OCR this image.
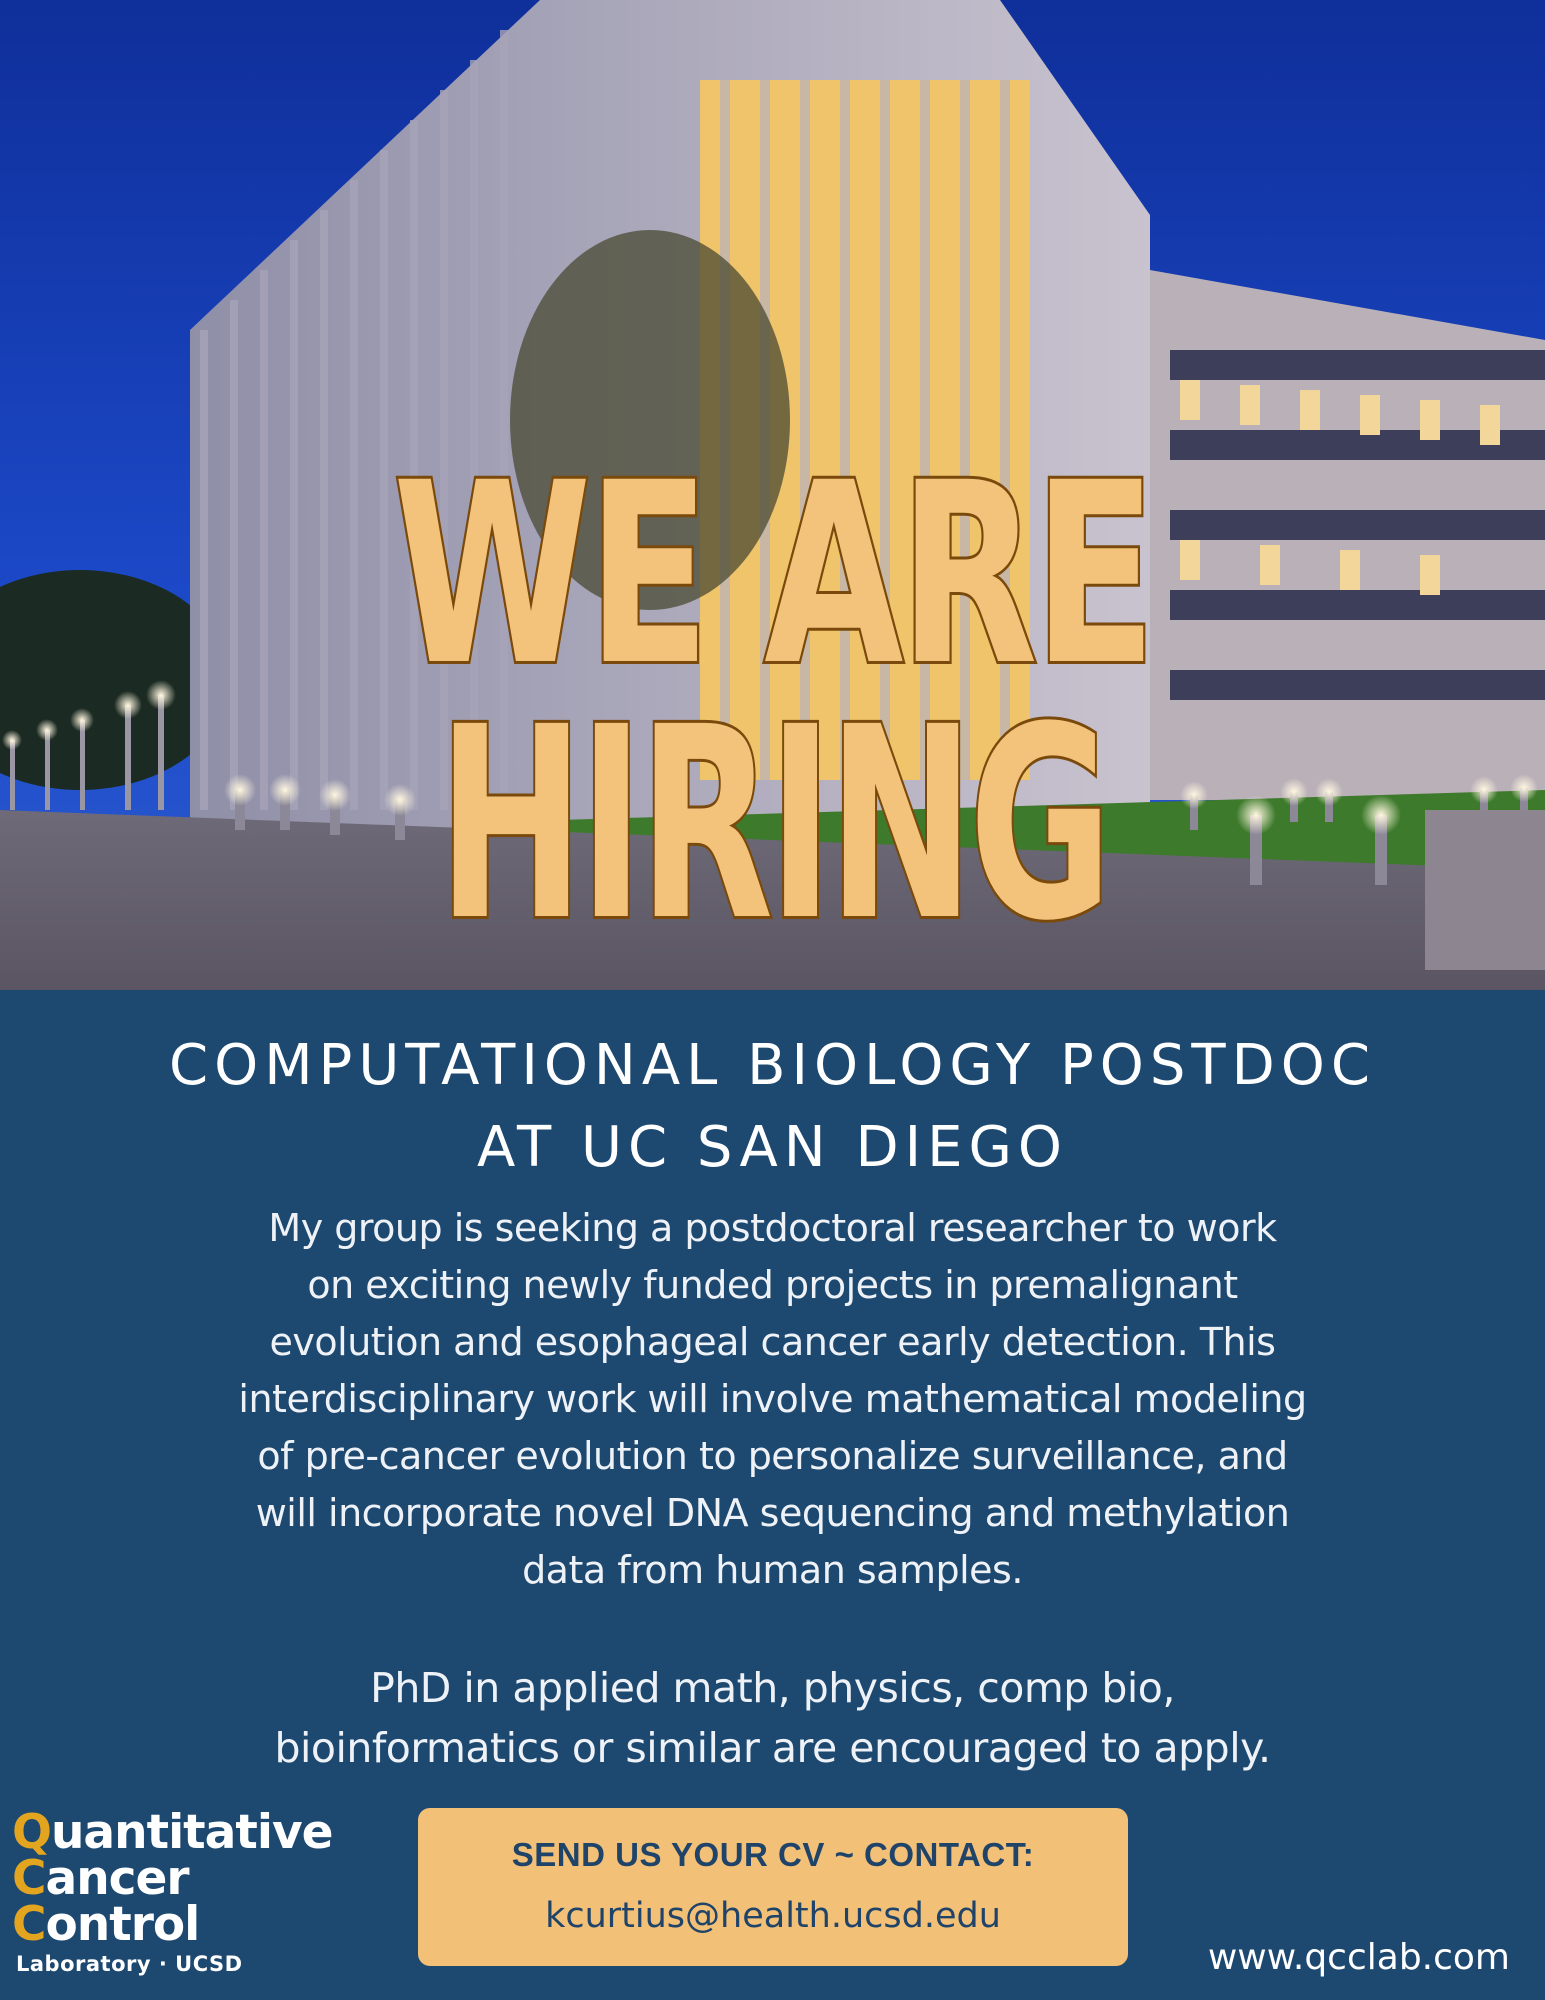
WE ARE
HIRING
COMPUTATIONAL BIOLOGY POSTDOC
AT UC SAN DIEGO
My group is seeking a postdoctoral researcher to work
on exciting newly funded projects in premalignant
evolution and esophageal cancer early detection. This
interdisciplinary work will involve mathematical modeling
of pre-cancer evolution to personalize surveillance, and
will incorporate novel DNA sequencing and methylation
data from human samples.
PhD in applied math, physics, comp bio,
bioinformatics or similar are encouraged to apply.
Quantitative
Cancer
Control
Laboratory · UCSD
SEND US YOUR CV ~ CONTACT:
kcurtius@health.ucsd.edu
www.qcclab.com
